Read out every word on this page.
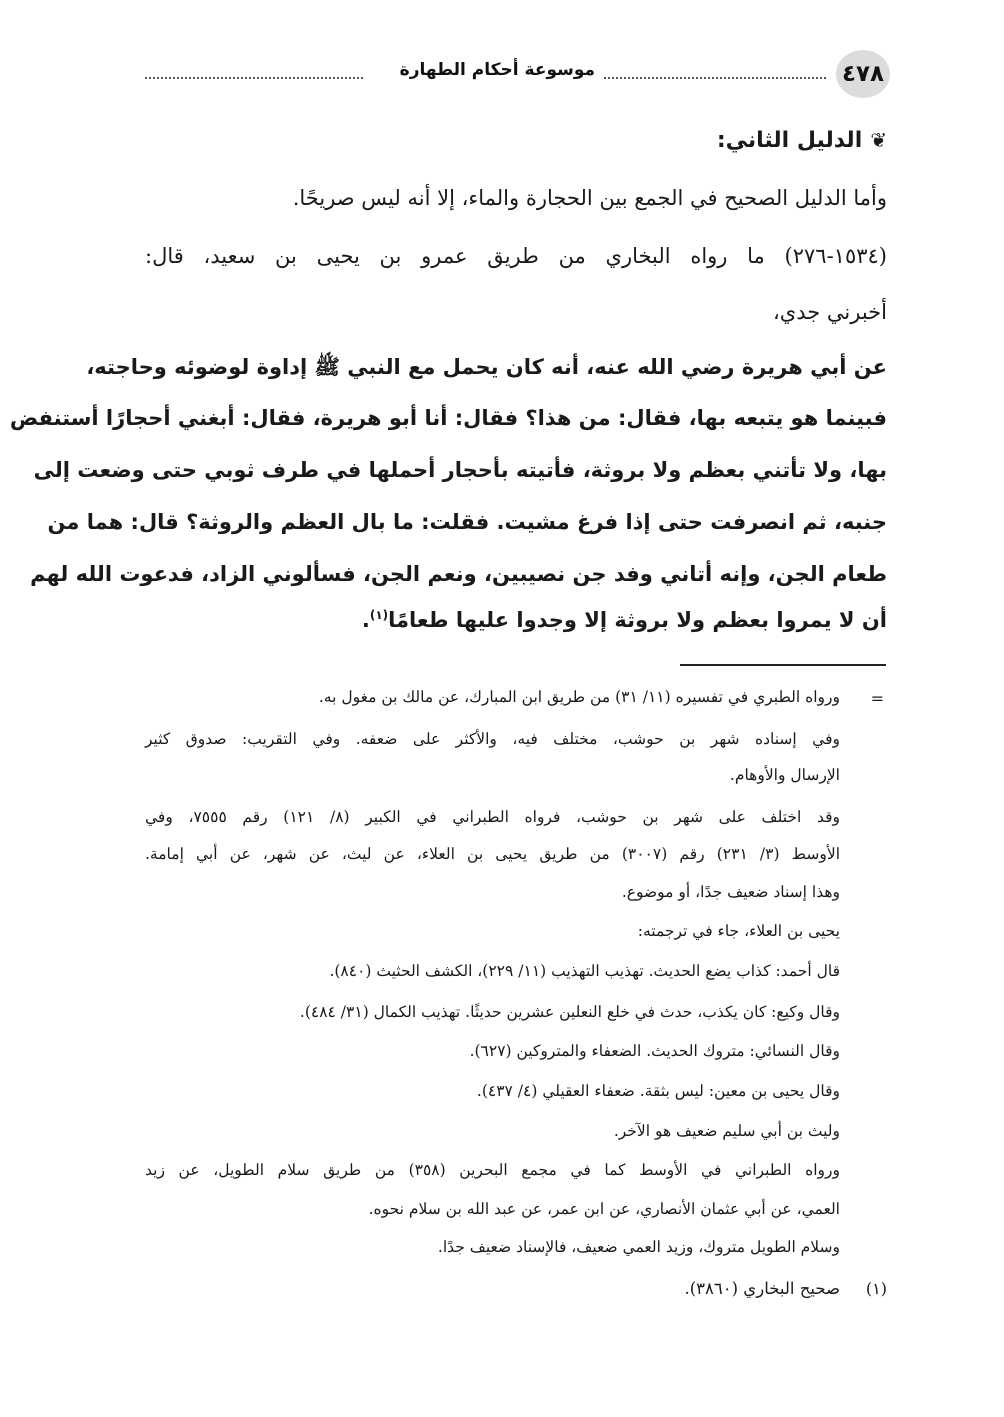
موسوعة أحكام الطهارة	٤٧٨
❦الدليل الثاني:
وأما الدليل الصحيح في الجمع بين الحجارة والماء، إلا أنه ليس صريحًا.
(١٥٣٤-٢٧٦) ما رواه البخاري من طريق عمرو بن يحيى بن سعيد، قال:
أخبرني جدي،
عن أبي هريرة رضي الله عنه، أنه كان يحمل مع النبي ﷺ إداوة لوضوئه وحاجته،
فبينما هو يتبعه بها، فقال: من هذا؟ فقال: أنا أبو هريرة، فقال: أبغني أحجارًا أستنفض
بها، ولا تأتني بعظم ولا بروثة، فأتيته بأحجار أحملها في طرف ثوبي حتى وضعت إلى
جنبه، ثم انصرفت حتى إذا فرغ مشيت. فقلت: ما بال العظم والروثة؟ قال: هما من
طعام الجن، وإنه أتاني وفد جن نصيبين، ونعم الجن، فسألوني الزاد، فدعوت الله لهم
أن لا يمروا بعظم ولا بروثة إلا وجدوا عليها طعامًا$^{(١)}$.
=
ورواه الطبري في تفسيره (١١/ ٣١) من طريق ابن المبارك، عن مالك بن مغول به.
وفي إسناده شهر بن حوشب، مختلف فيه، والأكثر على ضعفه. وفي التقريب: صدوق كثير
الإرسال والأوهام.
وقد اختلف على شهر بن حوشب، فرواه الطبراني في الكبير (٨/ ١٢١) رقم ٧٥٥٥، وفي
الأوسط (٣/ ٢٣١) رقم (٣٠٠٧) من طريق يحيى بن العلاء، عن ليث، عن شهر، عن أبي إمامة.
وهذا إسناد ضعيف جدًا، أو موضوع.
يحيى بن العلاء، جاء في ترجمته:
قال أحمد: كذاب يضع الحديث. تهذيب التهذيب (١١/ ٢٢٩)، الكشف الحثيث (٨٤٠).
وقال وكيع: كان يكذب، حدث في خلع النعلين عشرين حديثًا. تهذيب الكمال (٣١/ ٤٨٤).
وقال النسائي: متروك الحديث. الضعفاء والمتروكين (٦٢٧).
وقال يحيى بن معين: ليس بثقة. ضعفاء العقيلي (٤/ ٤٣٧).
وليث بن أبي سليم ضعيف هو الآخر.
ورواه الطبراني في الأوسط كما في مجمع البحرين (٣٥٨) من طريق سلام الطويل، عن زيد
العمي، عن أبي عثمان الأنصاري، عن ابن عمر، عن عبد الله بن سلام نحوه.
وسلام الطويل متروك، وزيد العمي ضعيف، فالإسناد ضعيف جدًا.
(١)
صحيح البخاري (٣٨٦٠).
